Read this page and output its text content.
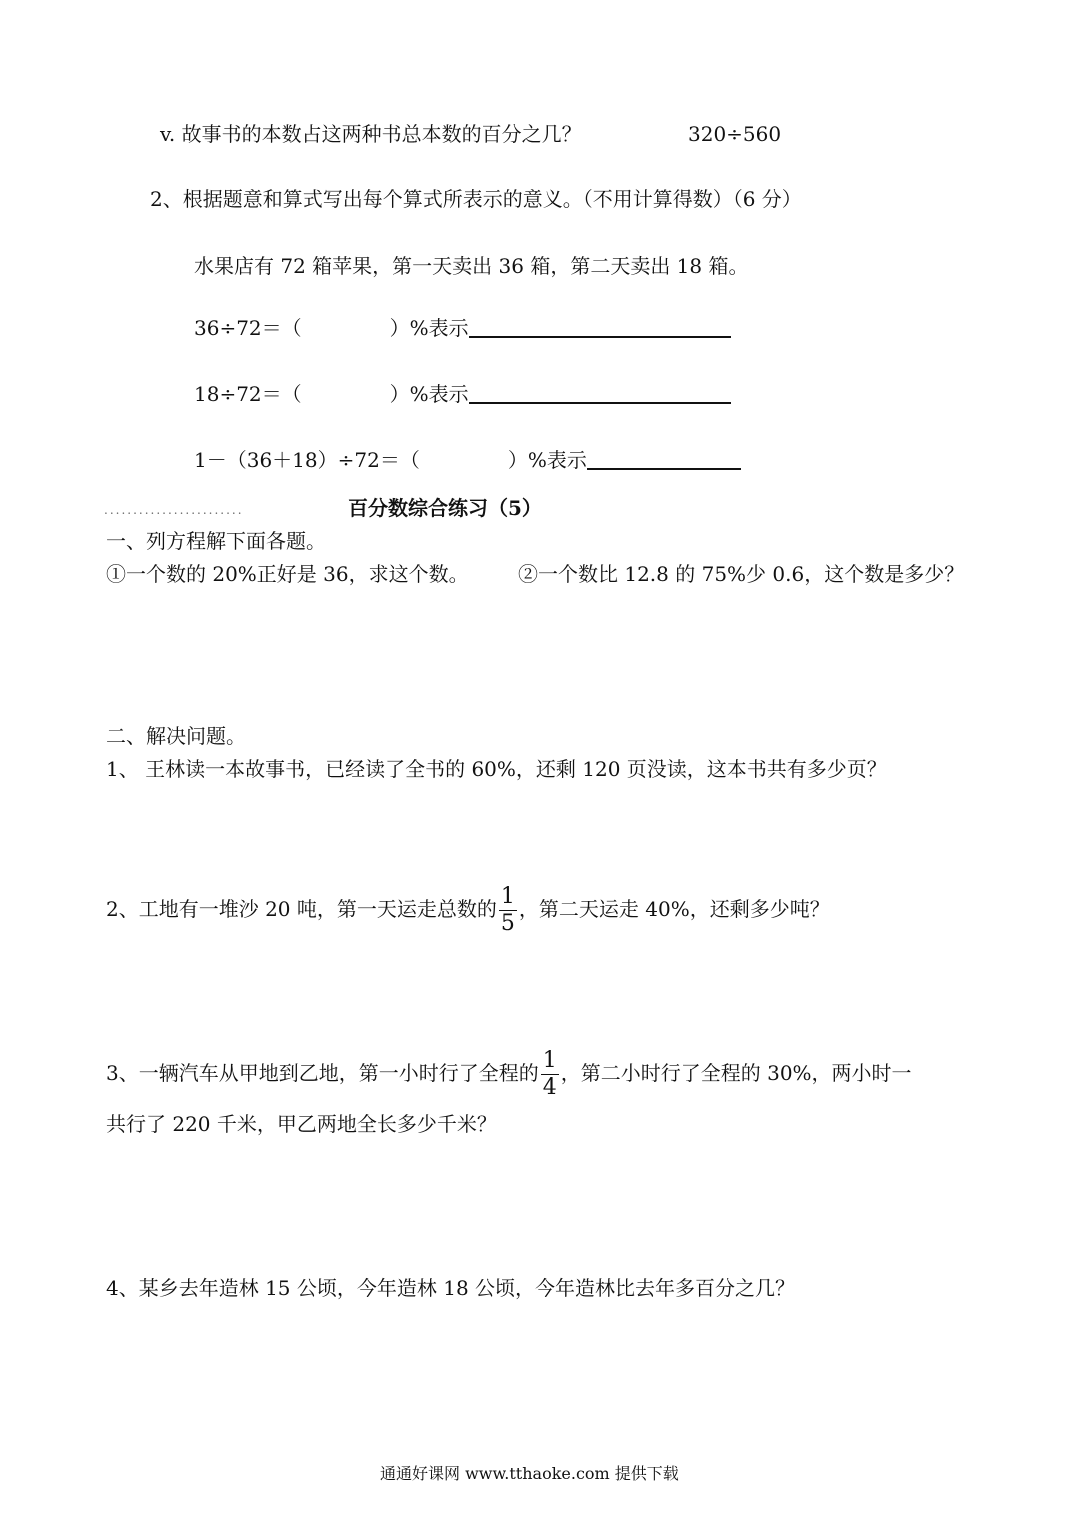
v. 故事书的本数占这两种书总本数的百分之几？	320÷560
2、根据题意和算式写出每个算式所表示的意义。（不用计算得数）（6 分）
水果店有 72 箱苹果，第一天卖出 36 箱，第二天卖出 18 箱。
36÷72＝（	）%表示
18÷72＝（	）%表示
1－（36＋18）÷72＝（	）%表示
........................	百分数综合练习（5）
一、列方程解下面各题。
①一个数的 20%正好是 36，求这个数。 ②一个数比 12.8 的 75%少 0.6，这个数是多少？
二、解决问题。
1、 王林读一本故事书，已经读了全书的 60%，还剩 120 页没读，这本书共有多少页？
2、工地有一堆沙 20 吨，第一天运走总数的 $\frac{1}{5}$ ，第二天运走 40%，还剩多少吨？
3、一辆汽车从甲地到乙地，第一小时行了全程的 $\frac{1}{4}$ ，第二小时行了全程的 30%，两小时一
共行了 220 千米，甲乙两地全长多少千米？
4、某乡去年造林 15 公顷，今年造林 18 公顷，今年造林比去年多百分之几？
通通好课网 www.tthaoke.com 提供下载
